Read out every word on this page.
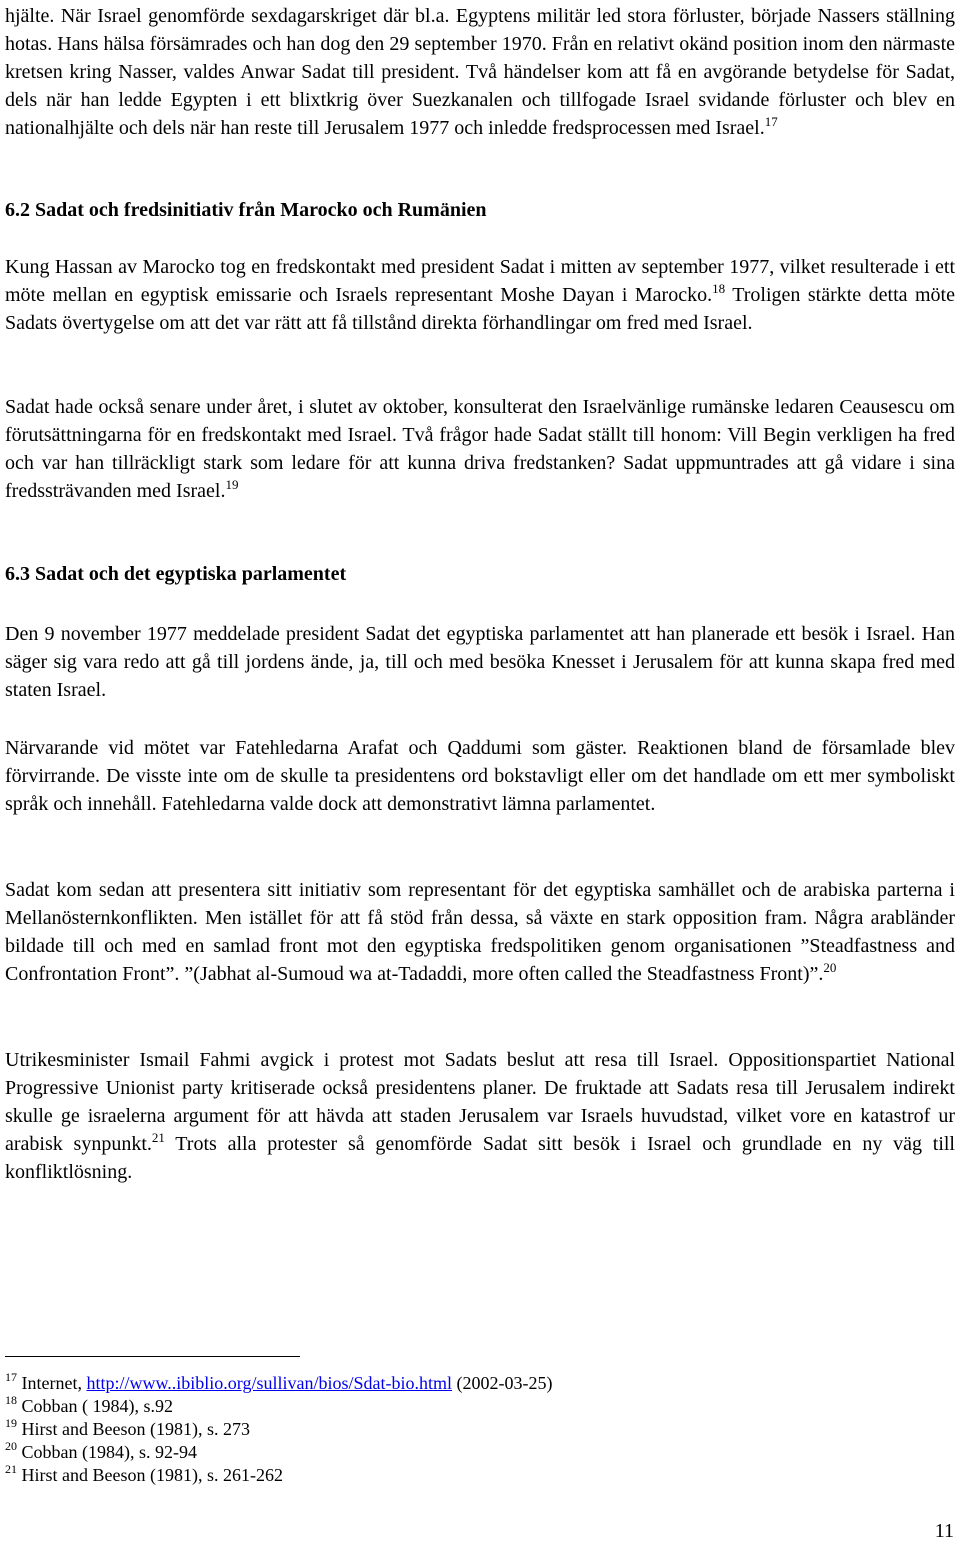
hjälte. När Israel genomförde sexdagarskriget där bl.a. Egyptens militär led stora förluster, började Nassers ställning hotas. Hans hälsa försämrades och han dog den 29 september 1970. Från en relativt okänd position inom den närmaste kretsen kring Nasser, valdes Anwar Sadat till president. Två händelser kom att få en avgörande betydelse för Sadat, dels när han ledde Egypten i ett blixtkrig över Suezkanalen och tillfogade Israel svidande förluster och blev en nationalhjälte och dels när han reste till Jerusalem 1977 och inledde fredsprocessen med Israel.$^{17}$

6.2 Sadat och fredsinitiativ från Marocko och Rumänien

Kung Hassan av Marocko tog en fredskontakt med president Sadat i mitten av september 1977, vilket resulterade i ett möte mellan en egyptisk emissarie och Israels representant Moshe Dayan i Marocko.$^{18}$ Troligen stärkte detta möte Sadats övertygelse om att det var rätt att få tillstånd direkta förhandlingar om fred med Israel.

Sadat hade också senare under året, i slutet av oktober, konsulterat den Israelvänlige rumänske ledaren Ceausescu om förutsättningarna för en fredskontakt med Israel. Två frågor hade Sadat ställt till honom: Vill Begin verkligen ha fred och var han tillräckligt stark som ledare för att kunna driva fredstanken? Sadat uppmuntrades att gå vidare i sina fredssträvanden med Israel.$^{19}$

6.3 Sadat och det egyptiska parlamentet

Den 9 november 1977 meddelade president Sadat det egyptiska parlamentet att han planerade ett besök i Israel. Han säger sig vara redo att gå till jordens ände, ja, till och med besöka Knesset i Jerusalem för att kunna skapa fred med staten Israel.

Närvarande vid mötet var Fatehledarna Arafat och Qaddumi som gäster. Reaktionen bland de församlade blev förvirrande. De visste inte om de skulle ta presidentens ord bokstavligt eller om det handlade om ett mer symboliskt språk och innehåll. Fatehledarna valde dock att demonstrativt lämna parlamentet.

Sadat kom sedan att presentera sitt initiativ som representant för det egyptiska samhället och de arabiska parterna i Mellanösternkonflikten. Men istället för att få stöd från dessa, så växte en stark opposition fram. Några arabländer bildade till och med en samlad front mot den egyptiska fredspolitiken genom organisationen ”Steadfastness and Confrontation Front”. ”(Jabhat al-Sumoud wa at-Tadaddi, more often called the Steadfastness Front)”.$^{20}$

Utrikesminister Ismail Fahmi avgick i protest mot Sadats beslut att resa till Israel. Oppositionspartiet National Progressive Unionist party kritiserade också presidentens planer. De fruktade att Sadats resa till Jerusalem indirekt skulle ge israelerna argument för att hävda att staden Jerusalem var Israels huvudstad, vilket vore en katastrof ur arabisk synpunkt.$^{21}$ Trots alla protester så genomförde Sadat sitt besök i Israel och grundlade en ny väg till konfliktlösning.

$^{17}$ Internet, http://www..ibiblio.org/sullivan/bios/Sdat-bio.html (2002-03-25)

$^{18}$ Cobban ( 1984), s.92

$^{19}$ Hirst and Beeson (1981), s. 273

$^{20}$ Cobban (1984), s. 92-94

$^{21}$ Hirst and Beeson (1981), s. 261-262

11
